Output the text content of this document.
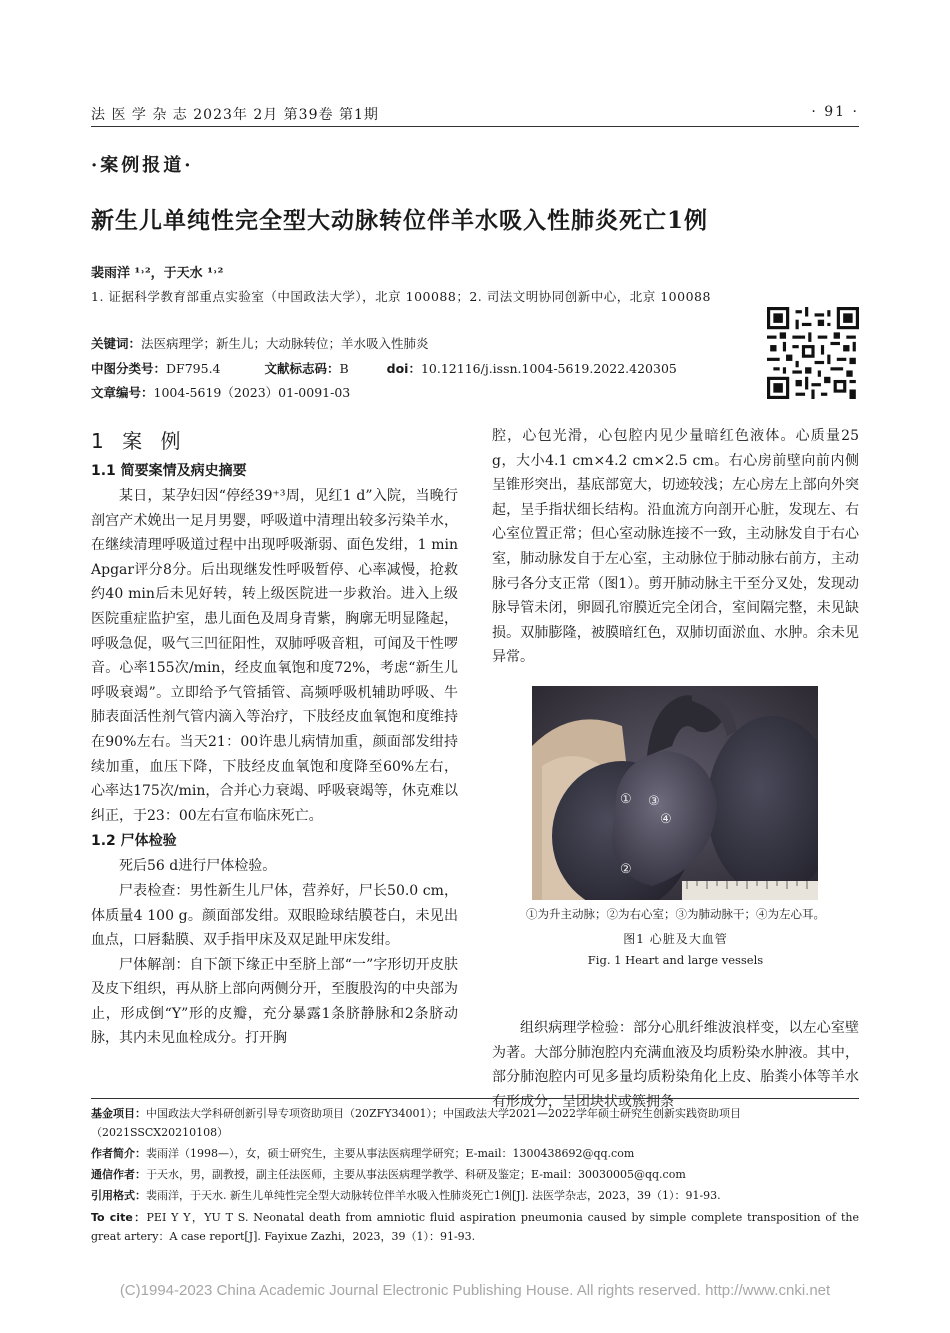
法 医 学 杂 志 2023年 2月 第39卷 第1期	· 91 ·
·案例报道·
新生儿单纯性完全型大动脉转位伴羊水吸入性肺炎死亡1例
裴雨洋 ¹˒²，于天水 ¹˒²
1. 证据科学教育部重点实验室（中国政法大学），北京 100088；2. 司法文明协同创新中心，北京 100088
关键词：法医病理学；新生儿；大动脉转位；羊水吸入性肺炎
中图分类号：DF795.4	文献标志码：B	doi：10.12116/j.issn.1004-5619.2022.420305
文章编号：1004-5619（2023）01-0091-03
1 案 例
1.1 简要案情及病史摘要

某日，某孕妇因“停经39⁺³周，见红1 d”入院，当晚行剖宫产术娩出一足月男婴，呼吸道中清理出较多污染羊水，在继续清理呼吸道过程中出现呼吸渐弱、面色发绀，1 min Apgar评分8分。后出现继发性呼吸暂停、心率减慢，抢救约40 min后未见好转，转上级医院进一步救治。进入上级医院重症监护室，患儿面色及周身青紫，胸廓无明显隆起，呼吸急促，吸气三凹征阳性，双肺呼吸音粗，可闻及干性啰音。心率155次/min，经皮血氧饱和度72%，考虑“新生儿呼吸衰竭”。立即给予气管插管、高频呼吸机辅助呼吸、牛肺表面活性剂气管内滴入等治疗，下肢经皮血氧饱和度维持在90%左右。当天21：00许患儿病情加重，颜面部发绀持续加重，血压下降，下肢经皮血氧饱和度降至60%左右，心率达175次/min，合并心力衰竭、呼吸衰竭等，休克难以纠正，于23：00左右宣布临床死亡。

1.2 尸体检验

死后56 d进行尸体检验。

尸表检查：男性新生儿尸体，营养好，尸长50.0 cm，体质量4 100 g。颜面部发绀。双眼睑球结膜苍白，未见出血点，口唇黏膜、双手指甲床及双足趾甲床发绀。

尸体解剖：自下颌下缘正中至脐上部“一”字形切开皮肤及皮下组织，再从脐上部向两侧分开，至腹股沟的中央部为止，形成倒“Y”形的皮瓣，充分暴露1条脐静脉和2条脐动脉，其内未见血栓成分。打开胸

腔，心包光滑，心包腔内见少量暗红色液体。心质量25 g，大小4.1 cm×4.2 cm×2.5 cm。右心房前壁向前内侧呈锥形突出，基底部宽大，切迹较浅；左心房左上部向外突起，呈手指状细长结构。沿血流方向剖开心脏，发现左、右心室位置正常；但心室动脉连接不一致，主动脉发自于右心室，肺动脉发自于左心室，主动脉位于肺动脉右前方，主动脉弓各分支正常（图1）。剪开肺动脉主干至分叉处，发现动脉导管未闭，卵圆孔帘膜近完全闭合，室间隔完整，未见缺损。双肺膨隆，被膜暗红色，双肺切面淤血、水肿。余未见异常。

①
②
③
④
①为升主动脉；②为右心室；③为肺动脉干；④为左心耳。
图1 心脏及大血管
Fig. 1 Heart and large vessels

组织病理学检验：部分心肌纤维波浪样变，以左心室壁为著。大部分肺泡腔内充满血液及均质粉染水肿液。其中，部分肺泡腔内可见多量均质粉染角化上皮、胎粪小体等羊水有形成分，呈团块状或簇拥条

基金项目：中国政法大学科研创新引导专项资助项目（20ZFY34001）；中国政法大学2021—2022学年硕士研究生创新实践资助项目（2021SSCX20210108）
作者简介：裴雨洋（1998—），女，硕士研究生，主要从事法医病理学研究；E-mail：1300438692@qq.com
通信作者：于天水，男，副教授，副主任法医师，主要从事法医病理学教学、科研及鉴定；E-mail：30030005@qq.com
引用格式：裴雨洋，于天水. 新生儿单纯性完全型大动脉转位伴羊水吸入性肺炎死亡1例[J]. 法医学杂志，2023，39（1）：91-93.
To cite：PEI Y Y，YU T S. Neonatal death from amniotic fluid aspiration pneumonia caused by simple complete transposition of the great artery：A case report[J]. Fayixue Zazhi，2023，39（1）：91-93.
(C)1994-2023 China Academic Journal Electronic Publishing House. All rights reserved. http://www.cnki.net
